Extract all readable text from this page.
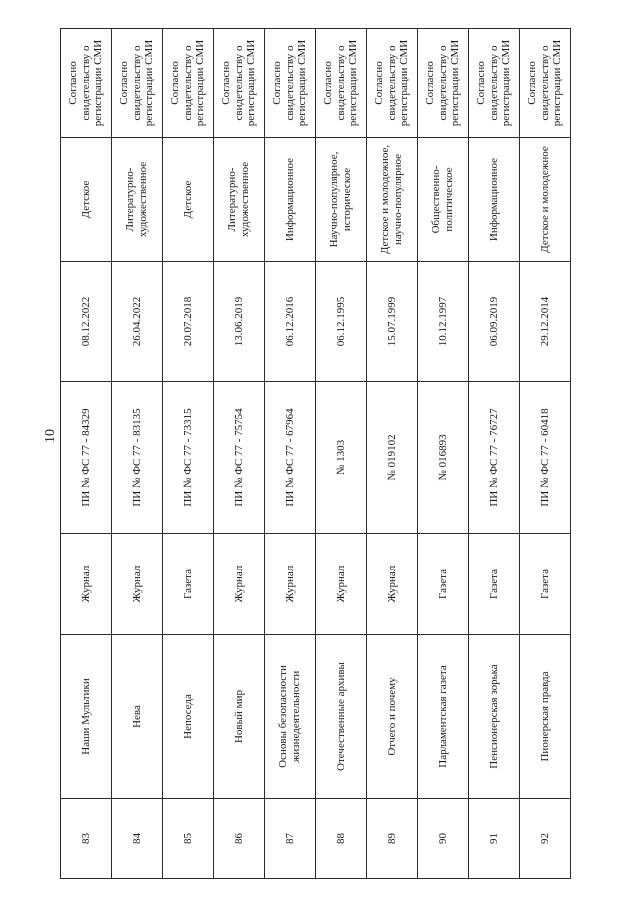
10
83	Наши Мультики	Журнал	ПИ № ФС 77 - 84329	08.12.2022	Детское	Согласно свидетельству о регистрации СМИ
84	Нева	Журнал	ПИ № ФС 77 - 83135	26.04.2022	Литературно-художественное	Согласно свидетельству о регистрации СМИ
85	Непоседа	Газета	ПИ № ФС 77 - 73315	20.07.2018	Детское	Согласно свидетельству о регистрации СМИ
86	Новый мир	Журнал	ПИ № ФС 77 - 75754	13.06.2019	Литературно-художественное	Согласно свидетельству о регистрации СМИ
87	Основы безопасности жизнедеятельности	Журнал	ПИ № ФС 77 - 67964	06.12.2016	Информационное	Согласно свидетельству о регистрации СМИ
88	Отечественные архивы	Журнал	№ 1303	06.12.1995	Научно-популярное, историческое	Согласно свидетельству о регистрации СМИ
89	Отчего и почему	Журнал	№ 019102	15.07.1999	Детское и молодежное, научно-популярное	Согласно свидетельству о регистрации СМИ
90	Парламентская газета	Газета	№ 016893	10.12.1997	Общественно-политическое	Согласно свидетельству о регистрации СМИ
91	Пенсионерская зорька	Газета	ПИ № ФС 77 - 76727	06.09.2019	Информационное	Согласно свидетельству о регистрации СМИ
92	Пионерская правда	Газета	ПИ № ФС 77 - 60418	29.12.2014	Детское и молодежное	Согласно свидетельству о регистрации СМИ
